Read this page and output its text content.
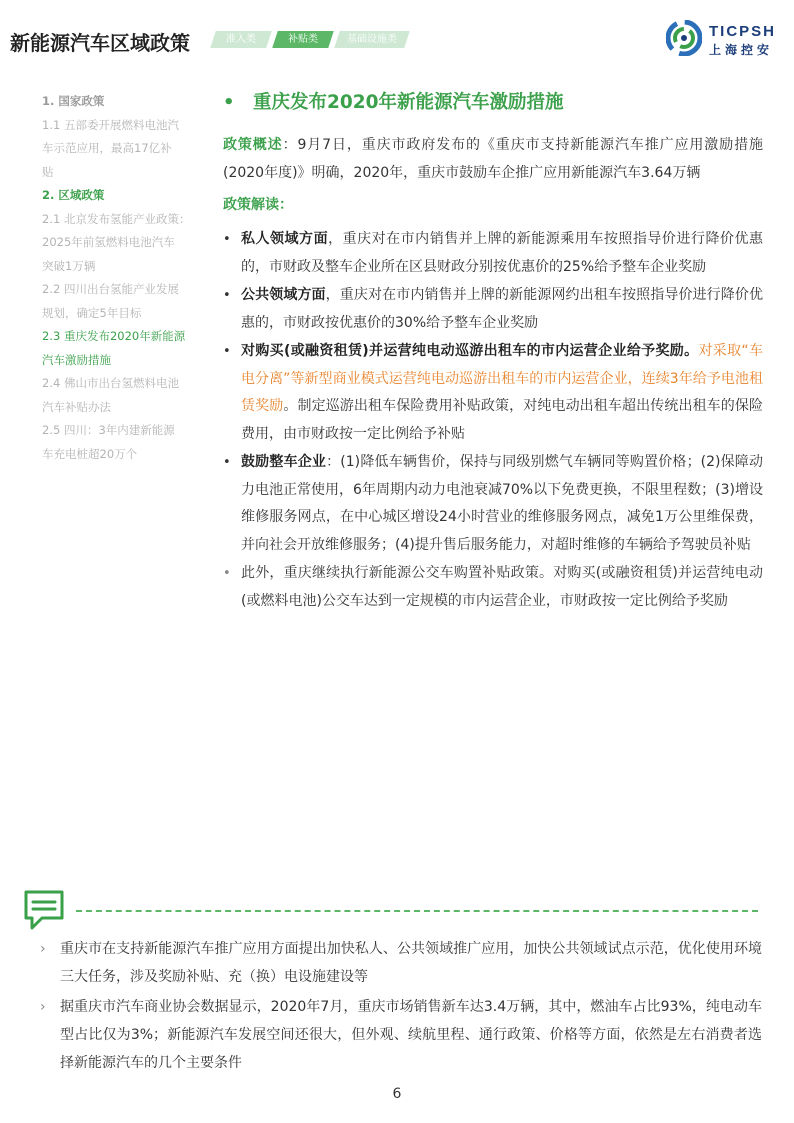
新能源汽车区域政策	准入类	补贴类	基础设施类	TICPSH
上海控安
1. 国家政策
1.1 五部委开展燃料电池汽
车示范应用，最高17亿补
贴
2. 区域政策
2.1 北京发布氢能产业政策：
2025年前氢燃料电池汽车
突破1万辆
2.2 四川出台氢能产业发展
规划，确定5年目标
2.3 重庆发布2020年新能源
汽车激励措施
2.4 佛山市出台氢燃料电池
汽车补贴办法
2.5 四川：3年内建新能源
车充电桩超20万个
• 重庆发布2020年新能源汽车激励措施
政策概述：9月7日，重庆市政府发布的《重庆市支持新能源汽车推广应用激励措施(2020年度)》明确，2020年，重庆市鼓励车企推广应用新能源汽车3.64万辆
政策解读：
• 私人领域方面，重庆对在市内销售并上牌的新能源乘用车按照指导价进行降价优惠的，市财政及整车企业所在区县财政分别按优惠价的25%给予整车企业奖励
• 公共领域方面，重庆对在市内销售并上牌的新能源网约出租车按照指导价进行降价优惠的，市财政按优惠价的30%给予整车企业奖励
• 对购买(或融资租赁)并运营纯电动巡游出租车的市内运营企业给予奖励。对采取“车电分离”等新型商业模式运营纯电动巡游出租车的市内运营企业，连续3年给予电池租赁奖励。制定巡游出租车保险费用补贴政策，对纯电动出租车超出传统出租车的保险费用，由市财政按一定比例给予补贴
• 鼓励整车企业：(1)降低车辆售价，保持与同级别燃气车辆同等购置价格；(2)保障动力电池正常使用，6年周期内动力电池衰减70%以下免费更换，不限里程数；(3)增设维修服务网点，在中心城区增设24小时营业的维修服务网点，减免1万公里维保费，并向社会开放维修服务；(4)提升售后服务能力，对超时维修的车辆给予驾驶员补贴
• 此外，重庆继续执行新能源公交车购置补贴政策。对购买(或融资租赁)并运营纯电动(或燃料电池)公交车达到一定规模的市内运营企业，市财政按一定比例给予奖励
› 重庆市在支持新能源汽车推广应用方面提出加快私人、公共领域推广应用，加快公共领域试点示范，优化使用环境三大任务，涉及奖励补贴、充（换）电设施建设等
› 据重庆市汽车商业协会数据显示，2020年7月，重庆市场销售新车达3.4万辆，其中，燃油车占比93%，纯电动车型占比仅为3%；新能源汽车发展空间还很大，但外观、续航里程、通行政策、价格等方面，依然是左右消费者选择新能源汽车的几个主要条件
6
